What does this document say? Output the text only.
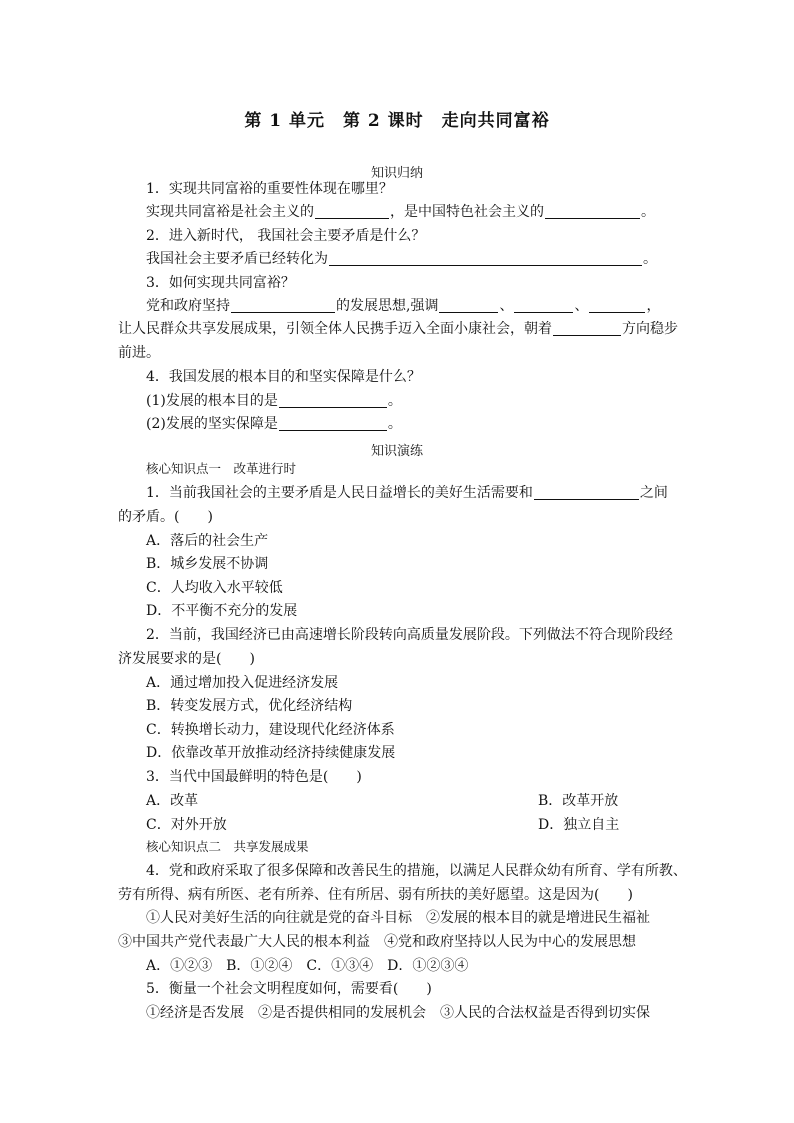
第 1 单元　第 2 课时　走向共同富裕
知识归纳
1．实现共同富裕的重要性体现在哪里？
实现共同富裕是社会主义的	，是中国特色社会主义的	。
2．进入新时代， 我国社会主要矛盾是什么？
我国社会主要矛盾已经转化为	。
3．如何实现共同富裕？
党和政府坚持	的发展思想,强调	、	、	，
让人民群众共享发展成果，引领全体人民携手迈入全面小康社会，朝着	方向稳步
前进。
4．我国发展的根本目的和坚实保障是什么？
(1)发展的根本目的是	。
(2)发展的坚实保障是	。
知识演练
核心知识点一　改革进行时
1．当前我国社会的主要矛盾是人民日益增长的美好生活需要和	之间
的矛盾。(　　)
A．落后的社会生产
B．城乡发展不协调
C．人均收入水平较低
D．不平衡不充分的发展
2．当前，我国经济已由高速增长阶段转向高质量发展阶段。下列做法不符合现阶段经
济发展要求的是(　　)
A．通过增加投入促进经济发展
B．转变发展方式，优化经济结构
C．转换增长动力，建设现代化经济体系
D．依靠改革开放推动经济持续健康发展
3．当代中国最鲜明的特色是(　　)
A．改革	B．改革开放
C．对外开放	D．独立自主
核心知识点二　共享发展成果
4．党和政府采取了很多保障和改善民生的措施，以满足人民群众幼有所育、学有所教、
劳有所得、病有所医、老有所养、住有所居、弱有所扶的美好愿望。这是因为(　　)
①人民对美好生活的向往就是党的奋斗目标　②发展的根本目的就是增进民生福祉
③中国共产党代表最广大人民的根本利益　④党和政府坚持以人民为中心的发展思想
A．①②③　B．①②④　C．①③④　D．①②③④
5．衡量一个社会文明程度如何，需要看(　　)
①经济是否发展　②是否提供相同的发展机会　③人民的合法权益是否得到切实保
